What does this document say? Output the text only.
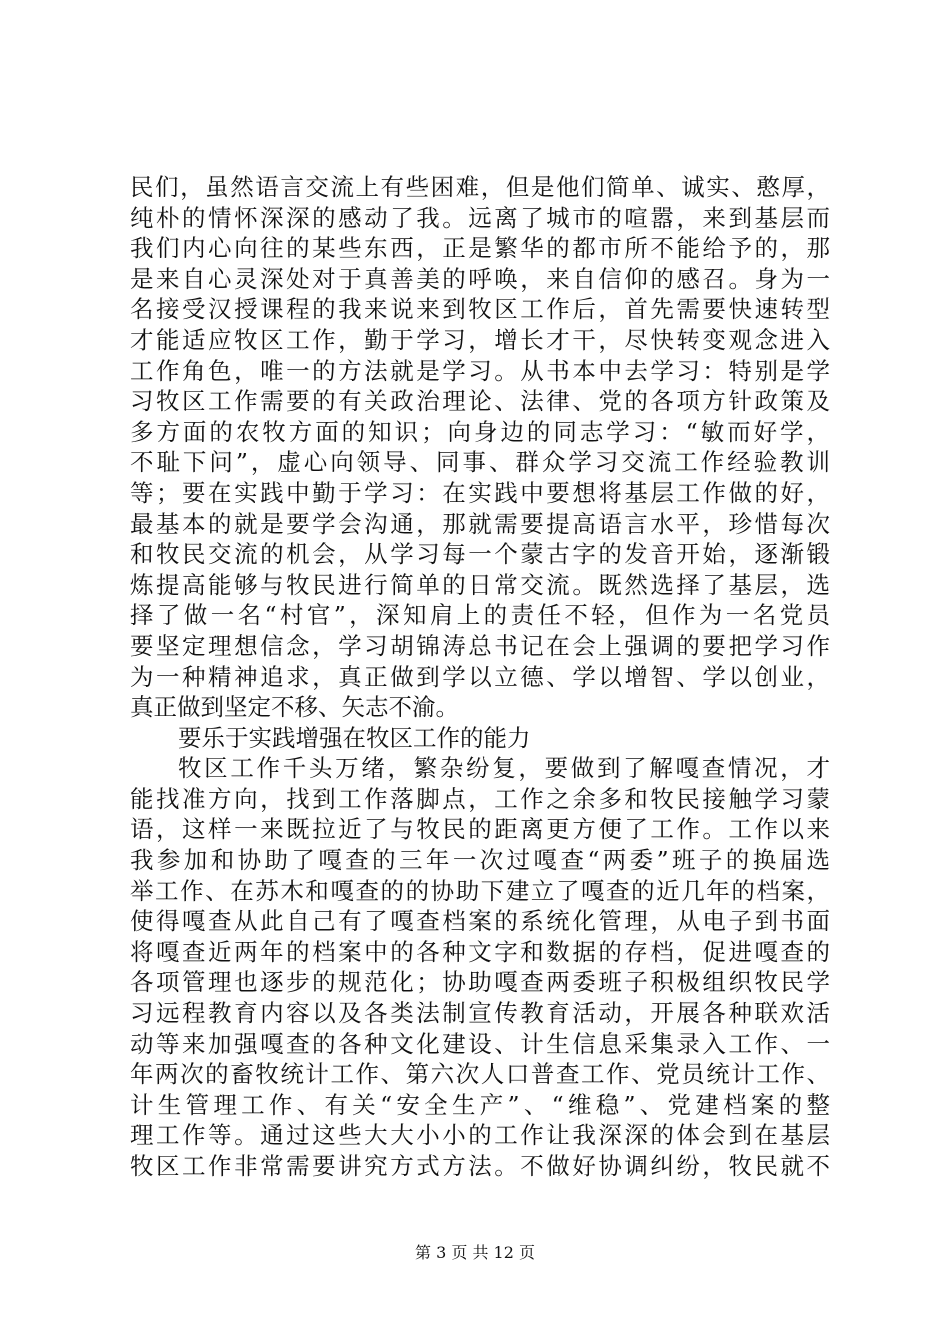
民们，虽然语言交流上有些困难，但是他们简单、诚实、憨厚，
纯朴的情怀深深的感动了我。远离了城市的喧嚣，来到基层而
我们内心向往的某些东西，正是繁华的都市所不能给予的，那
是来自心灵深处对于真善美的呼唤，来自信仰的感召。身为一
名接受汉授课程的我来说来到牧区工作后，首先需要快速转型
才能适应牧区工作，勤于学习，增长才干，尽快转变观念进入
工作角色，唯一的方法就是学习。从书本中去学习：特别是学
习牧区工作需要的有关政治理论、法律、党的各项方针政策及
多方面的农牧方面的知识；向身边的同志学习：“敏而好学，
不耻下问”，虚心向领导、同事、群众学习交流工作经验教训
等；要在实践中勤于学习：在实践中要想将基层工作做的好，
最基本的就是要学会沟通，那就需要提高语言水平，珍惜每次
和牧民交流的机会，从学习每一个蒙古字的发音开始，逐渐锻
炼提高能够与牧民进行简单的日常交流。既然选择了基层，选
择了做一名“村官”，深知肩上的责任不轻，但作为一名党员
要坚定理想信念，学习胡锦涛总书记在会上强调的要把学习作
为一种精神追求，真正做到学以立德、学以增智、学以创业，
真正做到坚定不移、矢志不渝。
要乐于实践增强在牧区工作的能力
牧区工作千头万绪，繁杂纷复，要做到了解嘎查情况，才
能找准方向，找到工作落脚点，工作之余多和牧民接触学习蒙
语，这样一来既拉近了与牧民的距离更方便了工作。工作以来
我参加和协助了嘎查的三年一次过嘎查“两委”班子的换届选
举工作、在苏木和嘎查的的协助下建立了嘎查的近几年的档案，
使得嘎查从此自己有了嘎查档案的系统化管理，从电子到书面
将嘎查近两年的档案中的各种文字和数据的存档，促进嘎查的
各项管理也逐步的规范化；协助嘎查两委班子积极组织牧民学
习远程教育内容以及各类法制宣传教育活动，开展各种联欢活
动等来加强嘎查的各种文化建设、计生信息采集录入工作、一
年两次的畜牧统计工作、第六次人口普查工作、党员统计工作、
计生管理工作、有关“安全生产”、“维稳”、党建档案的整
理工作等。通过这些大大小小的工作让我深深的体会到在基层
牧区工作非常需要讲究方式方法。不做好协调纠纷，牧民就不
第 3 页 共 12 页
